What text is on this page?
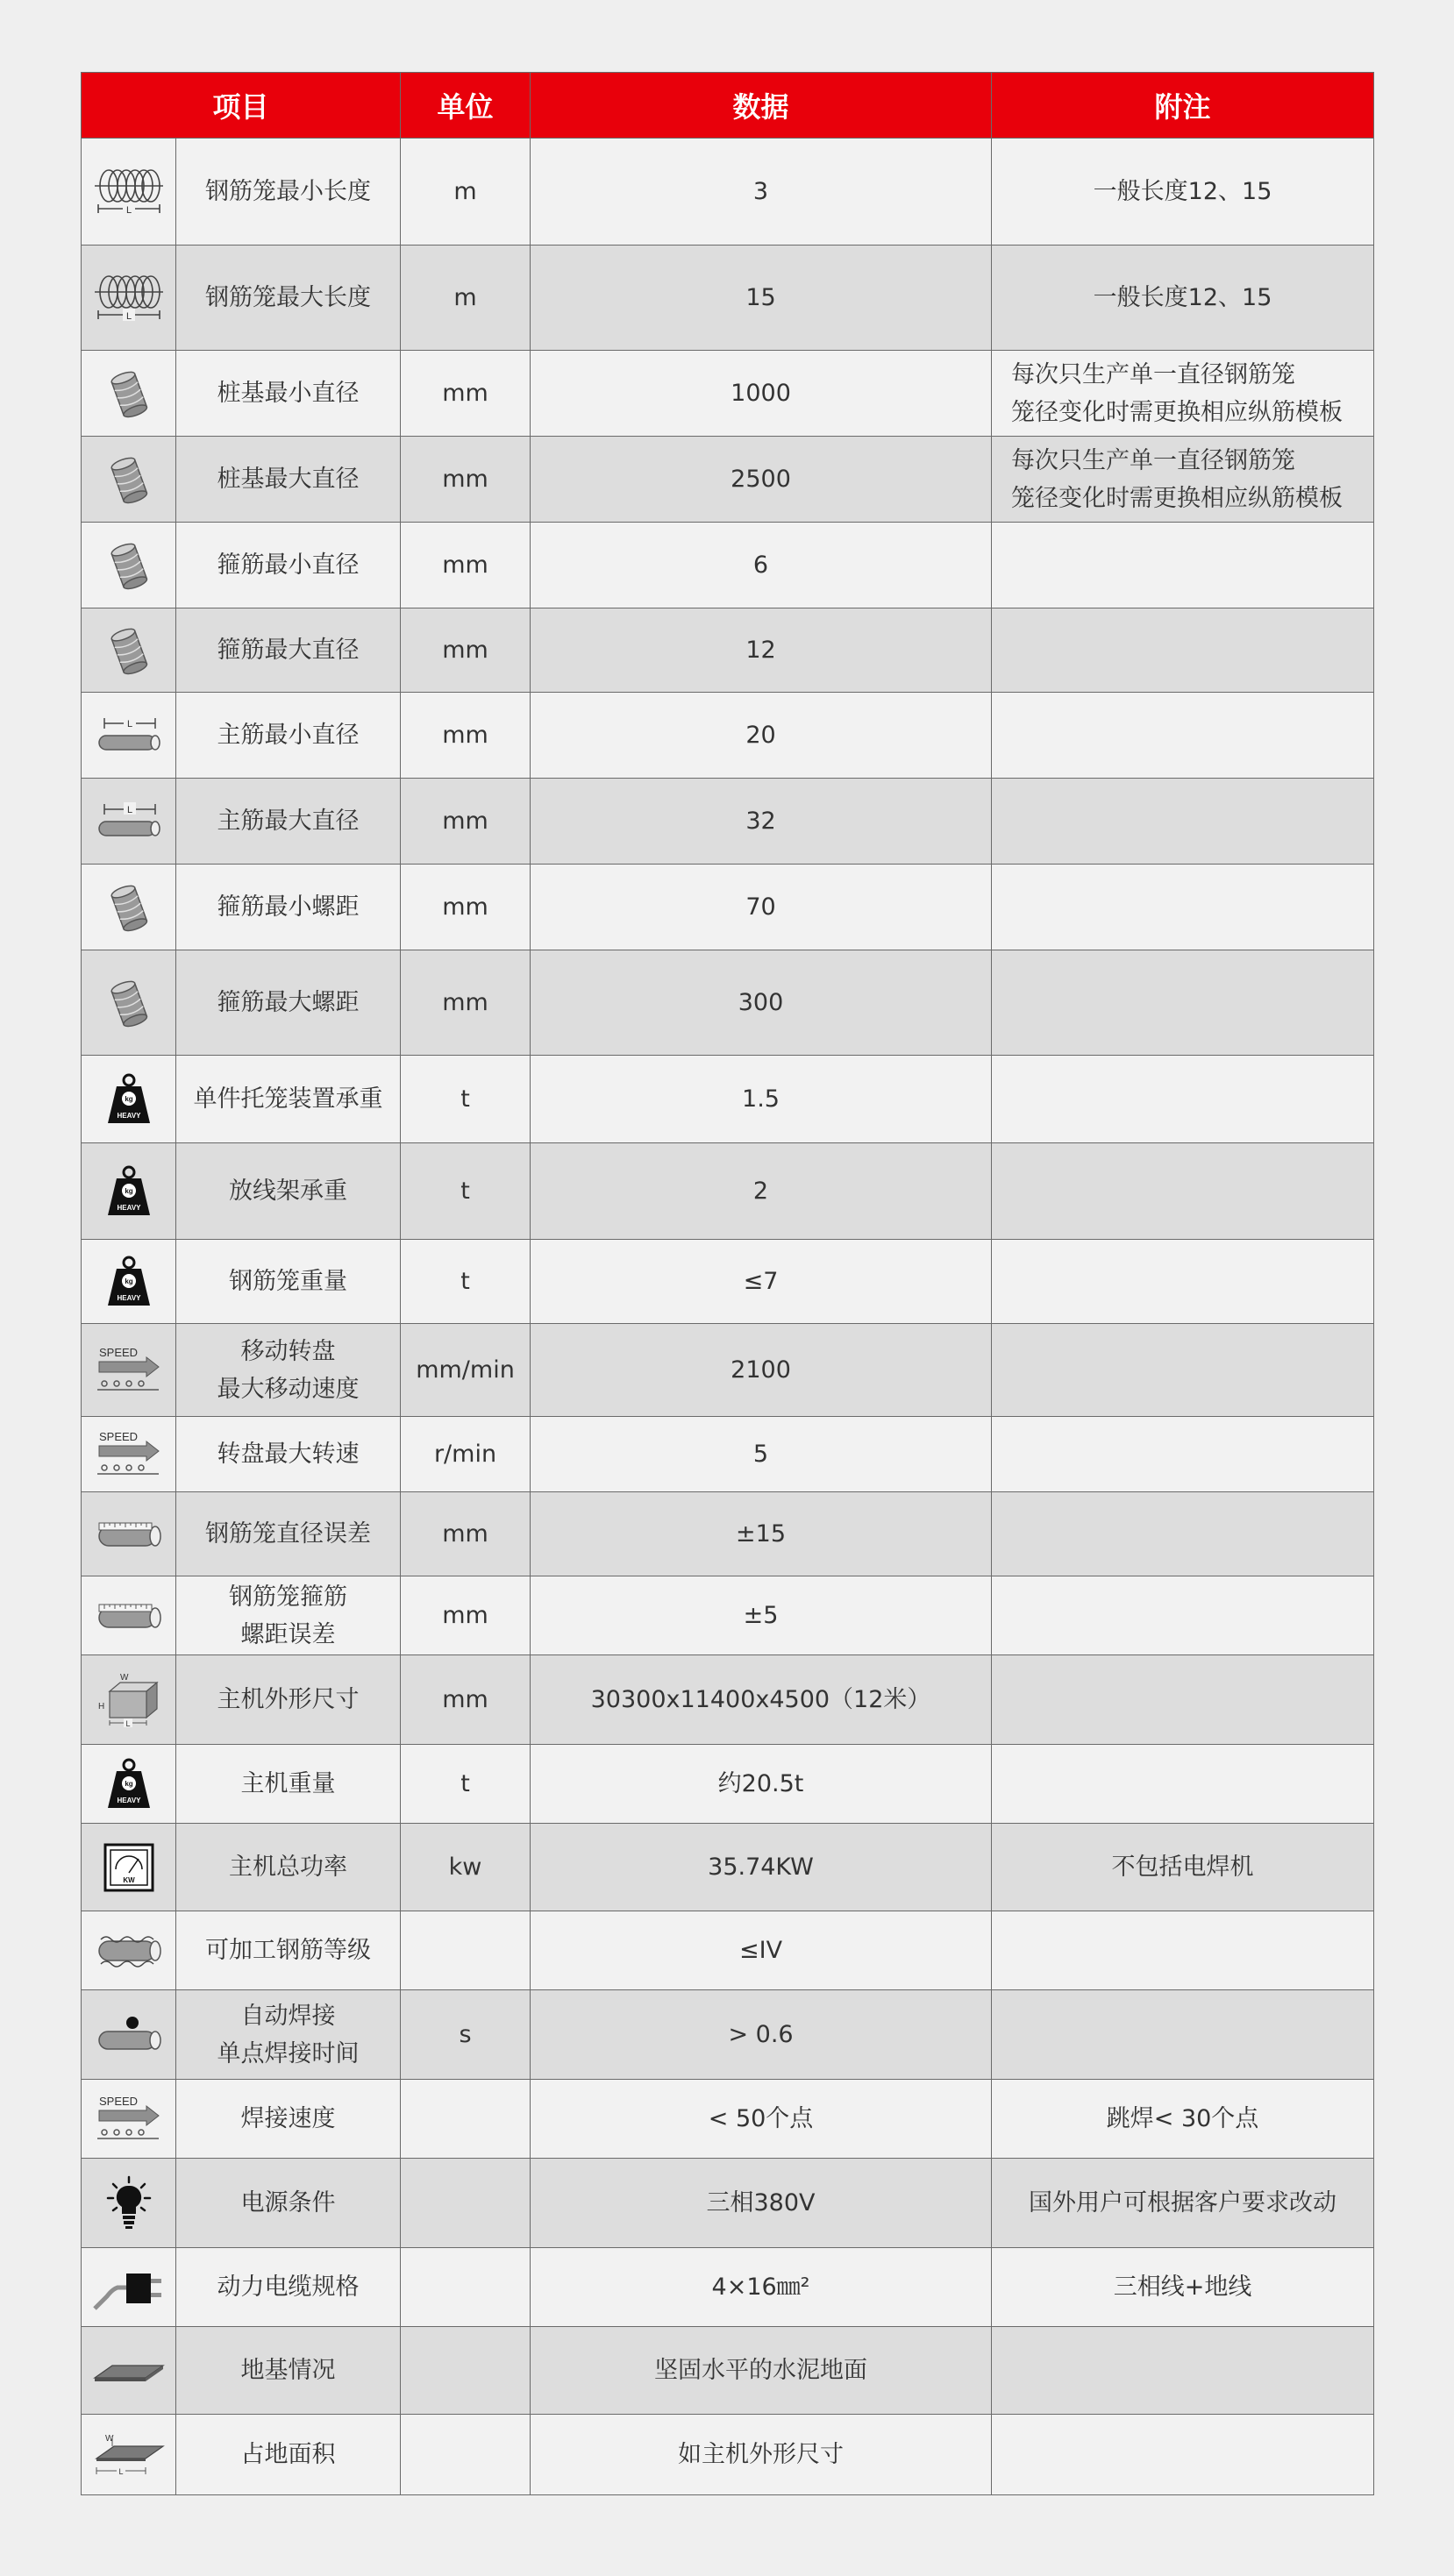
项目		单位	数据	附注

L	钢筋笼最小长度	m	3	一般长度12、15

L	钢筋笼最大长度	m	15	一般长度12、15

桩基最小直径	mm	1000	每次只生产单一直径钢筋笼
笼径变化时需更换相应纵筋模板

桩基最大直径	mm	2500	每次只生产单一直径钢筋笼
笼径变化时需更换相应纵筋模板

箍筋最小直径	mm	6	

箍筋最大直径	mm	12	

L	主筋最小直径	mm	20	

L	主筋最大直径	mm	32	

箍筋最小螺距	mm	70	

箍筋最大螺距	mm	300	

kg
HEAVY	单件托笼装置承重	t	1.5	

kg
HEAVY	放线架承重	t	2	

kg
HEAVY	钢筋笼重量	t	≤7	

SPEED	移动转盘
最大移动速度	mm/min	2100	

SPEED	转盘最大转速	r/min	5	

钢筋笼直径误差	mm	±15	

钢筋笼箍筋
螺距误差	mm	±5	

W
H
L	主机外形尺寸	mm	30300x11400x4500（12米）	

kg
HEAVY	主机重量	t	约20.5t	

KW	主机总功率	kw	35.74KW	不包括电焊机

可加工钢筋等级		≤IV	

自动焊接
单点焊接时间	s	> 0.6	

SPEED	焊接速度		< 50个点	跳焊< 30个点

电源条件		三相380V	国外用户可根据客户要求改动

动力电缆规格		4×16㎜²	三相线+地线

地基情况		坚固水平的水泥地面	

W
L	占地面积		如主机外形尺寸	
